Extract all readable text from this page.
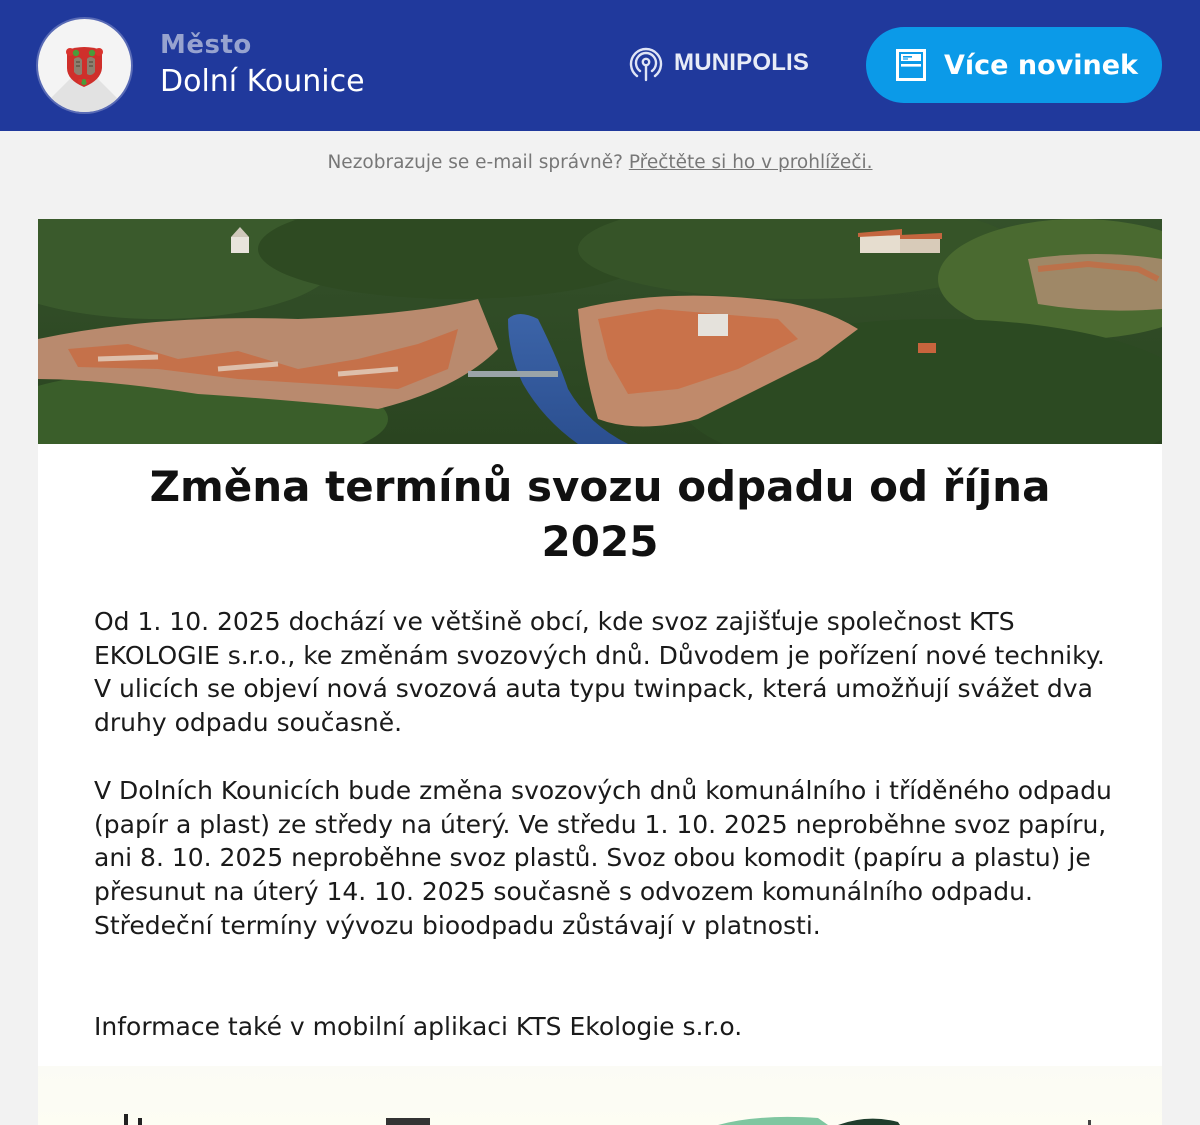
Město
Dolní Kounice
MUNIPOLIS	Více novinek
Nezobrazuje se e-mail správně? Přečtěte si ho v prohlížeči.
Změna termínů svozu odpadu od října 2025

Od 1. 10. 2025 dochází ve většině obcí, kde svoz zajišťuje společnost KTS EKOLOGIE s.r.o., ke změnám svozových dnů. Důvodem je pořízení nové techniky. V ulicích se objeví nová svozová auta typu twinpack, která umožňují svážet dva druhy odpadu současně.

V Dolních Kounicích bude změna svozových dnů komunálního i tříděného odpadu (papír a plast) ze středy na úterý. Ve středu 1. 10. 2025 neproběhne svoz papíru, ani 8. 10. 2025 neproběhne svoz plastů. Svoz obou komodit (papíru a plastu) je přesunut na úterý 14. 10. 2025 současně s odvozem komunálního odpadu. Středeční termíny vývozu bioodpadu zůstávají v platnosti.

Informace také v mobilní aplikaci KTS Ekologie s.r.o.
